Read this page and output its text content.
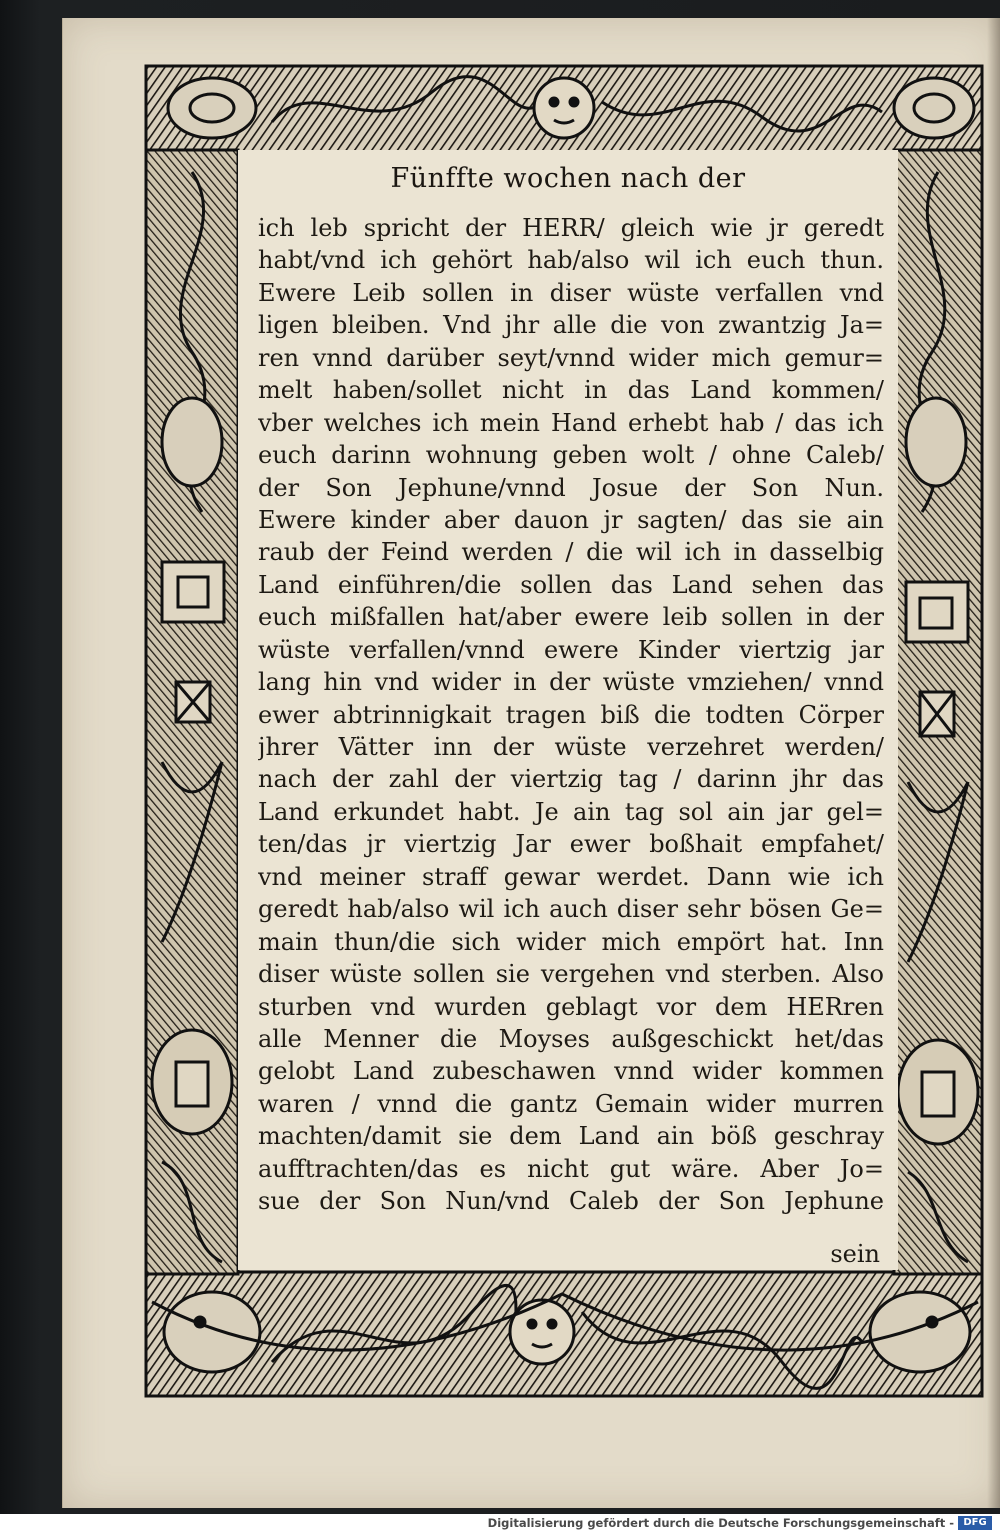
Fünffte wochen nach der
ich leb spricht der HERR/ gleich wie jr geredt
habt/vnd ich gehört hab/also wil ich euch thun.
Ewere Leib sollen in diser wüste verfallen vnd
ligen bleiben. Vnd jhr alle die von zwantzig Ja=
ren vnnd darüber seyt/vnnd wider mich gemur=
melt haben/sollet nicht in das Land kommen/
vber welches ich mein Hand erhebt hab / das ich
euch darinn wohnung geben wolt / ohne Caleb/
der Son Jephune/vnnd Josue der Son Nun.
Ewere kinder aber dauon jr sagten/ das sie ain
raub der Feind werden / die wil ich in dasselbig
Land einführen/die sollen das Land sehen das
euch mißfallen hat/aber ewere leib sollen in der
wüste verfallen/vnnd ewere Kinder viertzig jar
lang hin vnd wider in der wüste vmziehen/ vnnd
ewer abtrinnigkait tragen biß die todten Cörper
jhrer Vätter inn der wüste verzehret werden/
nach der zahl der viertzig tag / darinn jhr das
Land erkundet habt. Je ain tag sol ain jar gel=
ten/das jr viertzig Jar ewer boßhait empfahet/
vnd meiner straff gewar werdet. Dann wie ich
geredt hab/also wil ich auch diser sehr bösen Ge=
main thun/die sich wider mich empört hat. Inn
diser wüste sollen sie vergehen vnd sterben. Also
sturben vnd wurden geblagt vor dem HERren
alle Menner die Moyses außgeschickt het/das
gelobt Land zubeschawen vnnd wider kommen
waren / vnnd die gantz Gemain wider murren
machten/damit sie dem Land ain böß geschray
aufftrachten/das es nicht gut wäre. Aber Jo=
sue der Son Nun/vnd Caleb der Son Jephune
sein
Digitalisierung gefördert durch die Deutsche Forschungsgemeinschaft - DFG
